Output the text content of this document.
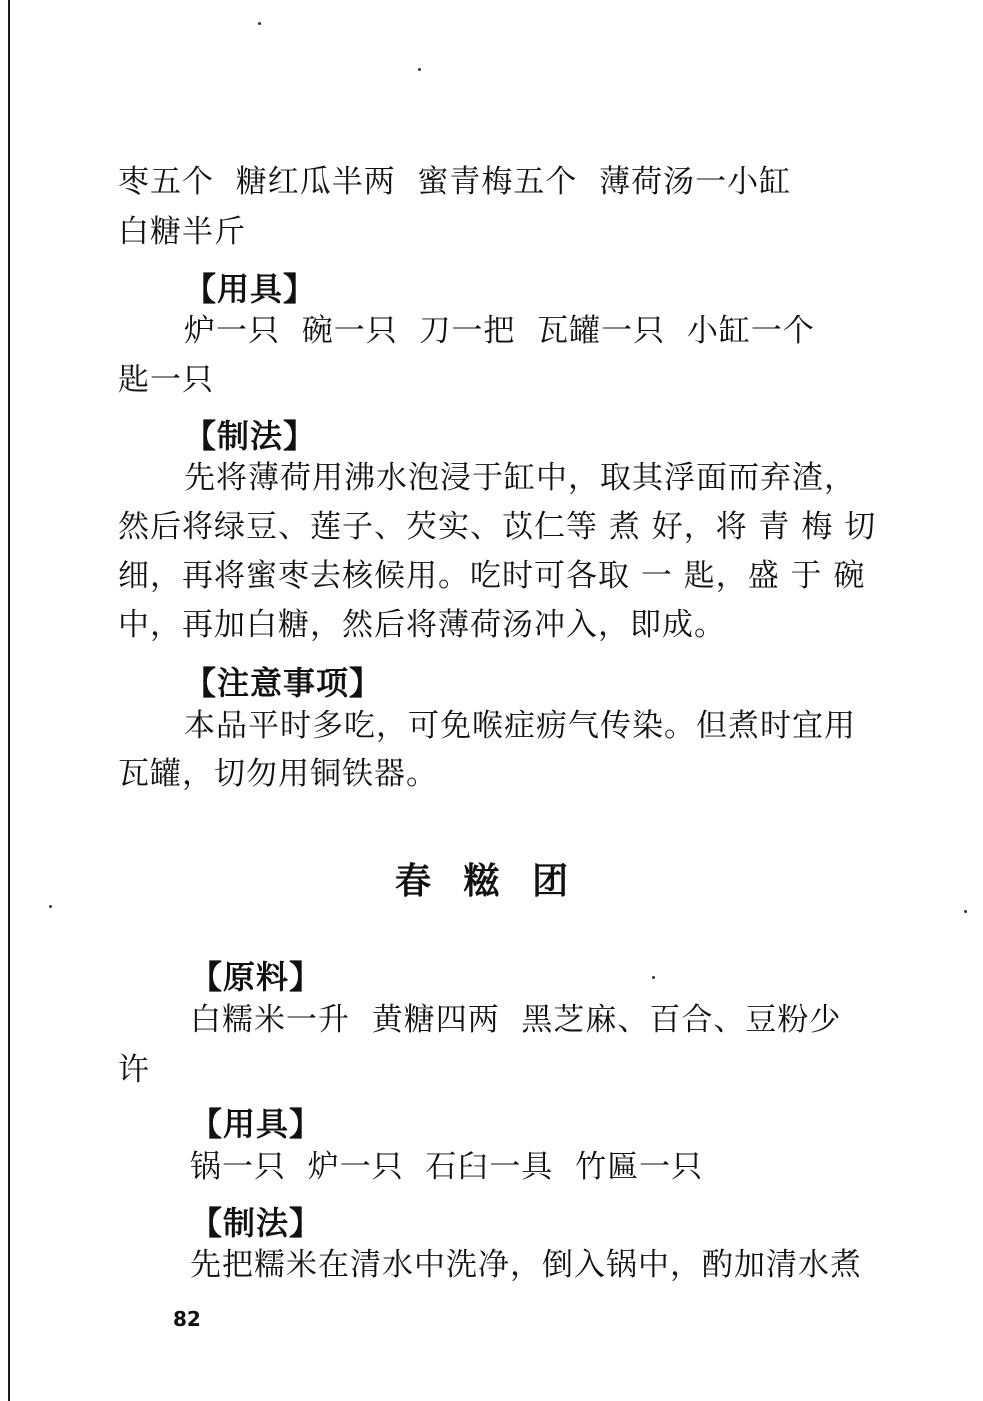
枣五个  糖红瓜半两  蜜青梅五个  薄荷汤一小缸
白糖半斤
【用具】
炉一只  碗一只  刀一把  瓦罐一只  小缸一个
匙一只
【制法】
先将薄荷用沸水泡浸于缸中，取其浮面而弃渣，
然后将绿豆、莲子、芡实、苡仁等 煮 好，将 青 梅 切
细，再将蜜枣去核候用。吃时可各取 一 匙，盛 于 碗
中，再加白糖，然后将薄荷汤冲入，即成。
【注意事项】
本品平时多吃，可免喉症疬气传染。但煮时宜用
瓦罐，切勿用铜铁器。
春 糍 团
【原料】
白糯米一升  黄糖四两  黑芝麻、百合、豆粉少
许
【用具】
锅一只  炉一只  石臼一具  竹匾一只
【制法】
先把糯米在清水中洗净，倒入锅中，酌加清水煮
82
